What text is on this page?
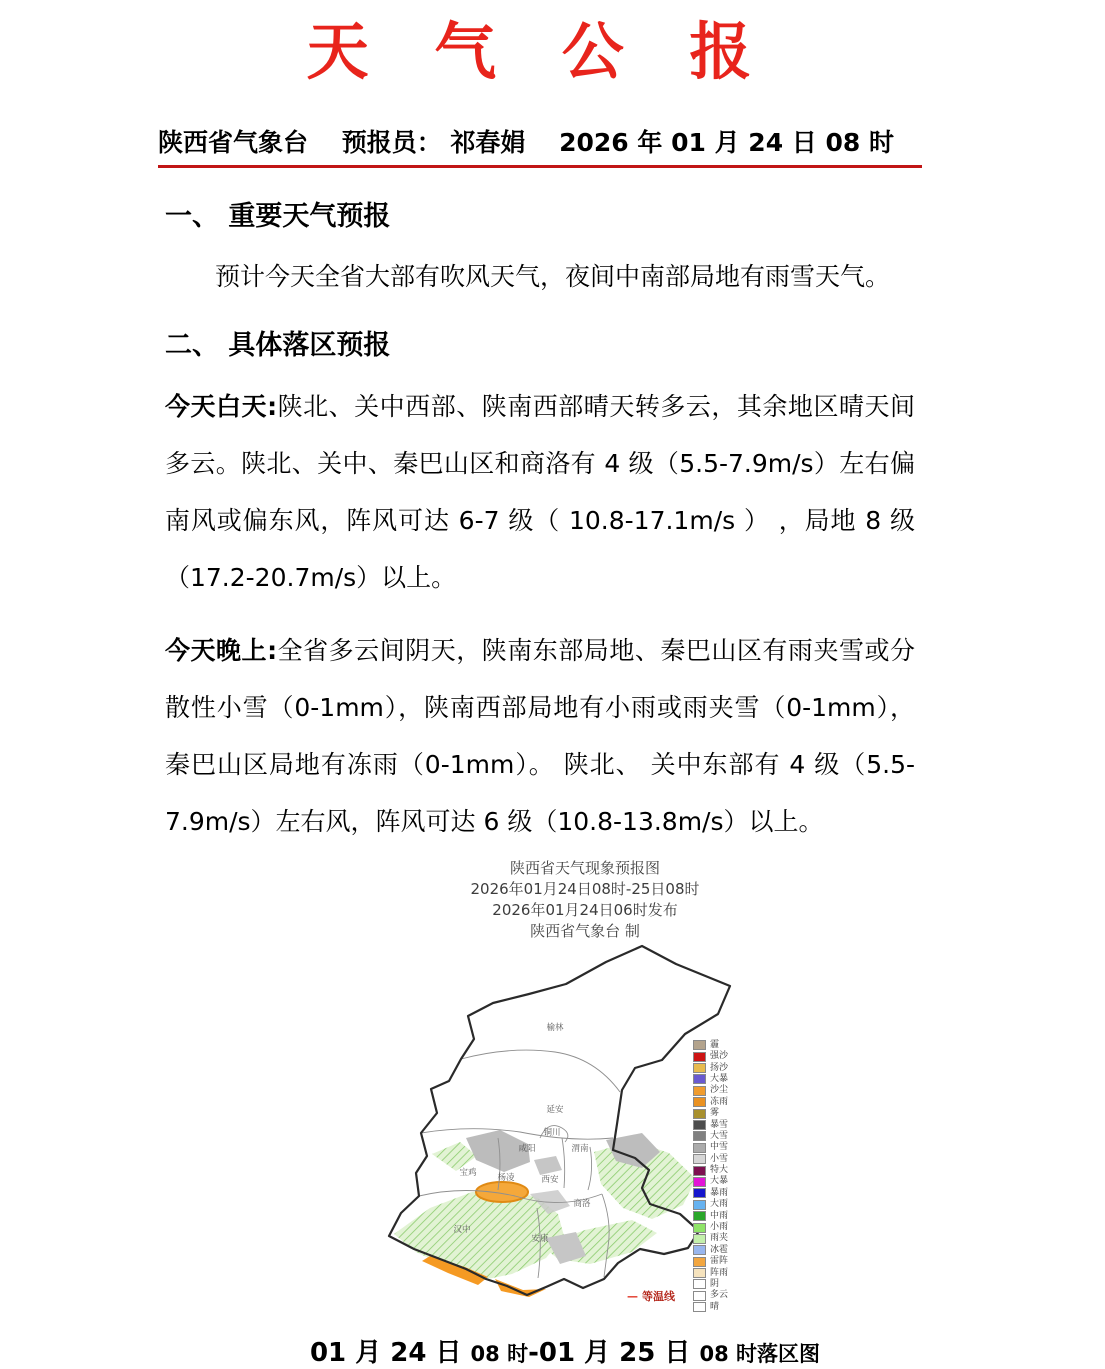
天 气 公 报
陕西省气象台　 预报员： 祁春娟 　2026 年 01 月 24 日 08 时
一、 重要天气预报
预计今天全省大部有吹风天气，夜间中南部局地有雨雪天气。
二、 具体落区预报
今天白天:陕北、关中西部、陕南西部晴天转多云，其余地区晴天间多云。陕北、关中、秦巴山区和商洛有 4 级（5.5-7.9m/s）左右偏南风或偏东风，阵风可达 6-7 级（ 10.8-17.1m/s ） ，局地 8 级（17.2-20.7m/s）以上。
今天晚上:全省多云间阴天，陕南东部局地、秦巴山区有雨夹雪或分散性小雪（0-1mm），陕南西部局地有小雨或雨夹雪（0-1mm），秦巴山区局地有冻雨（0-1mm）。 陕北、 关中东部有 4 级（5.5-7.9m/s）左右风，阵风可达 6 级（10.8-13.8m/s）以上。

陕西省天气现象预报图

2026年01月24日08时-25日08时

2026年01月24日06时发布

陕西省气象台 制

榆林
延安
铜川
咸阳	渭南
宝鸡 杨凌	西安
商洛
汉中
安康
霾
强沙
扬沙
大暴
沙尘
冻雨
雾
暴雪
大雪
中雪
小雪
特大
大暴
暴雨
大雨
中雨
小雨
雨夹
冰雹
雷阵
阵雨
阴
多云
晴
— 等温线
01 月 24 日 08 时-01 月 25 日 08 时落区图
